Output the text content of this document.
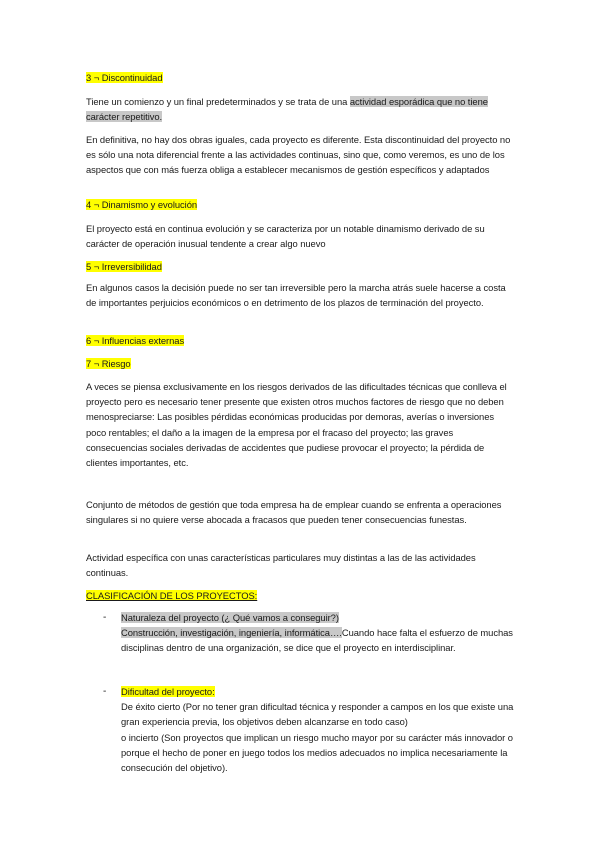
3 ¬ Discontinuidad
Tiene un comienzo y un final predeterminados y se trata de una actividad esporádica que no tiene carácter repetitivo.
En definitiva, no hay dos obras iguales, cada proyecto es diferente. Esta discontinuidad del proyecto no es sólo una nota diferencial frente a las actividades continuas, sino que, como veremos, es uno de los aspectos que con más fuerza obliga a establecer mecanismos de gestión específicos y adaptados
4 ¬ Dinamismo y evolución
El proyecto está en continua evolución y se caracteriza por un notable dinamismo derivado de su carácter de operación inusual tendente a crear algo nuevo
5 ¬ Irreversibilidad
En algunos casos la decisión puede no ser tan irreversible pero la marcha atrás suele hacerse a costa de importantes perjuicios económicos o en detrimento de los plazos de terminación del proyecto.
6 ¬ Influencias externas
7 ¬ Riesgo
A veces se piensa exclusivamente en los riesgos derivados de las dificultades técnicas que conlleva el proyecto pero es necesario tener presente que existen otros muchos factores de riesgo que no deben menospreciarse: Las posibles pérdidas económicas producidas por demoras, averías o inversiones poco rentables; el daño a la imagen de la empresa por el fracaso del proyecto; las graves consecuencias sociales derivadas de accidentes que pudiese provocar el proyecto; la pérdida de clientes importantes, etc.
Conjunto de métodos de gestión que toda empresa ha de emplear cuando se enfrenta a operaciones singulares si no quiere verse abocada a fracasos que pueden tener consecuencias funestas.
Actividad específica con unas características particulares muy distintas a las de las actividades continuas.
CLASIFICACIÓN DE LOS PROYECTOS:
- Naturaleza del proyecto (¿ Qué vamos a conseguir?)
Construcción, investigación, ingeniería, informática….Cuando hace falta el esfuerzo de muchas disciplinas dentro de una organización, se dice que el proyecto en interdisciplinar.
- Dificultad del proyecto:
De éxito cierto (Por no tener gran dificultad técnica y responder a campos en los que existe una gran experiencia previa, los objetivos deben alcanzarse en todo caso)
o incierto (Son proyectos que implican un riesgo mucho mayor por su carácter más innovador o porque el hecho de poner en juego todos los medios adecuados no implica necesariamente la consecución del objetivo).
